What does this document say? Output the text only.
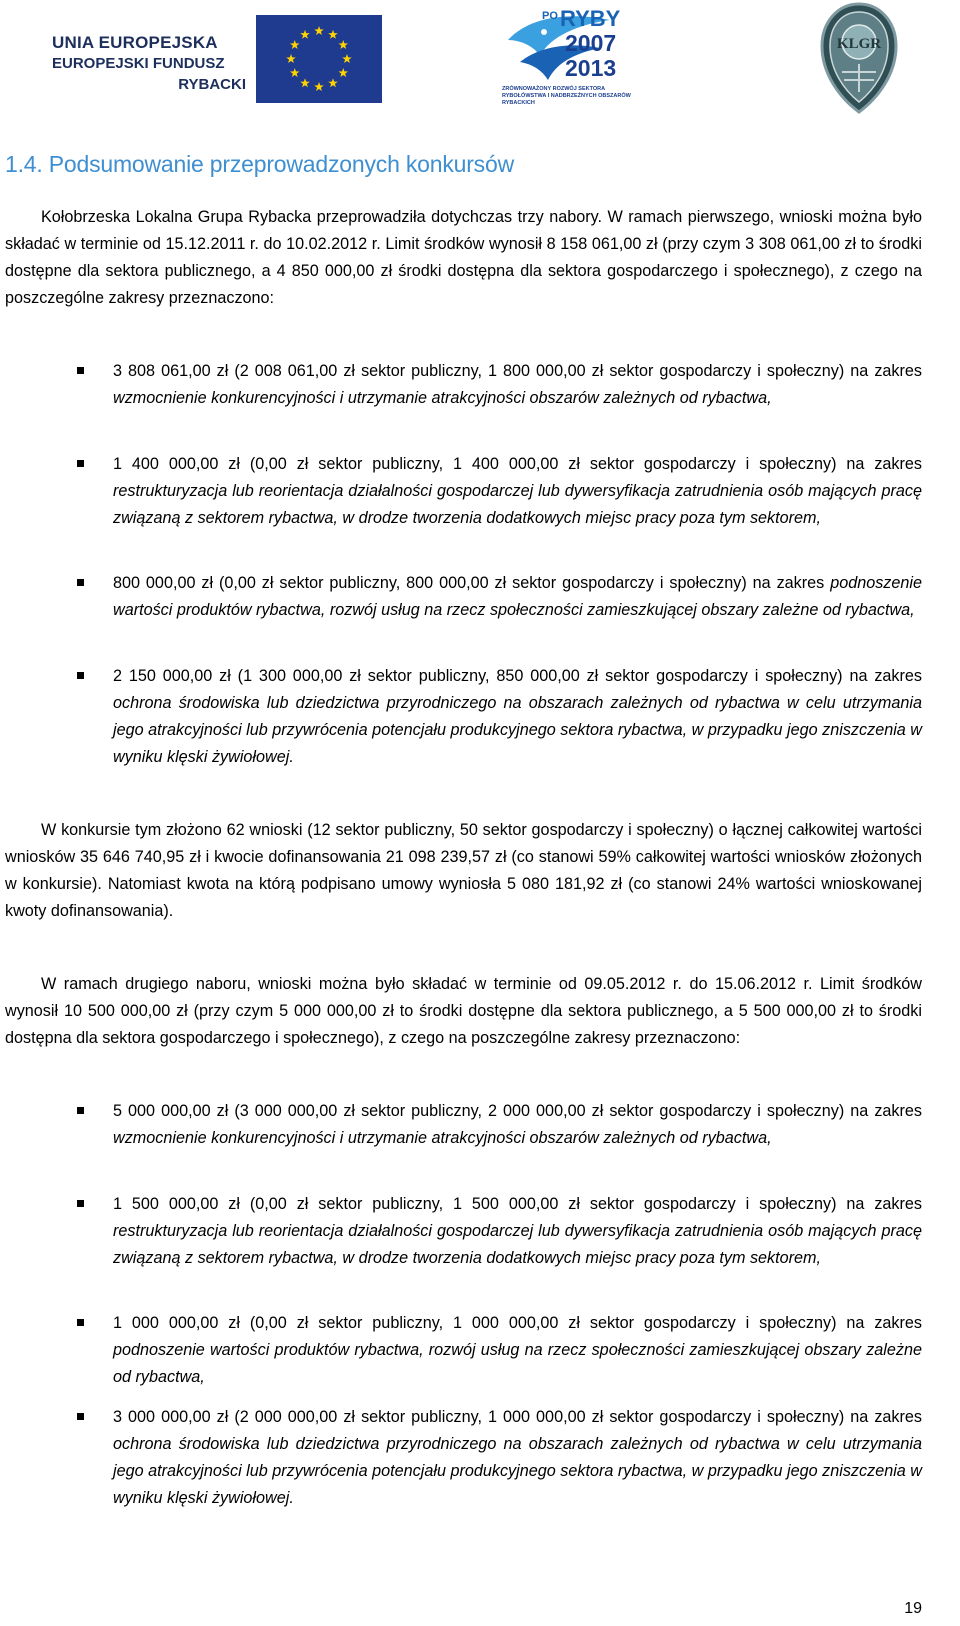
UNIA EUROPEJSKA
EUROPEJSKI FUNDUSZ
RYBACKI
PO RYBY
2007
2013
ZRÓWNOWAŻONY ROZWÓJ SEKTORA RYBOŁÓWSTWA I NADBRZEŻNYCH OBSZARÓW RYBACKICH
KLGR
1.4. Podsumowanie przeprowadzonych konkursów

Kołobrzeska Lokalna Grupa Rybacka przeprowadziła dotychczas trzy nabory. W ramach pierwszego, wnioski można było składać w terminie od 15.12.2011 r. do 10.02.2012 r. Limit środków wynosił 8 158 061,00 zł (przy czym 3 308 061,00 zł to środki dostępne dla sektora publicznego, a 4 850 000,00 zł środki dostępna dla sektora gospodarczego i społecznego), z czego na poszczególne zakresy przeznaczono:

3 808 061,00 zł (2 008 061,00 zł sektor publiczny, 1 800 000,00 zł sektor gospodarczy i społeczny) na zakres wzmocnienie konkurencyjności i utrzymanie atrakcyjności obszarów zależnych od rybactwa,

1 400 000,00 zł (0,00 zł sektor publiczny, 1 400 000,00 zł sektor gospodarczy i społeczny) na zakres restrukturyzacja lub reorientacja działalności gospodarczej lub dywersyfikacja zatrudnienia osób mających pracę związaną z sektorem rybactwa, w drodze tworzenia dodatkowych miejsc pracy poza tym sektorem,

800 000,00 zł (0,00 zł sektor publiczny, 800 000,00 zł sektor gospodarczy i społeczny) na zakres podnoszenie wartości produktów rybactwa, rozwój usług na rzecz społeczności zamieszkującej obszary zależne od rybactwa,

2 150 000,00 zł (1 300 000,00 zł sektor publiczny, 850 000,00 zł sektor gospodarczy i społeczny) na zakres ochrona środowiska lub dziedzictwa przyrodniczego na obszarach zależnych od rybactwa w celu utrzymania jego atrakcyjności lub przywrócenia potencjału produkcyjnego sektora rybactwa, w przypadku jego zniszczenia w wyniku klęski żywiołowej.

W konkursie tym złożono 62 wnioski (12 sektor publiczny, 50 sektor gospodarczy i społeczny) o łącznej całkowitej wartości wniosków 35 646 740,95 zł i kwocie dofinansowania 21 098 239,57 zł (co stanowi 59% całkowitej wartości wniosków złożonych w konkursie). Natomiast kwota na którą podpisano umowy wyniosła 5 080 181,92 zł (co stanowi 24% wartości wnioskowanej kwoty dofinansowania).

W ramach drugiego naboru, wnioski można było składać w terminie od 09.05.2012 r. do 15.06.2012 r. Limit środków wynosił 10 500 000,00 zł (przy czym 5 000 000,00 zł to środki dostępne dla sektora publicznego, a 5 500 000,00 zł to środki dostępna dla sektora gospodarczego i społecznego), z czego na poszczególne zakresy przeznaczono:

5 000 000,00 zł (3 000 000,00 zł sektor publiczny, 2 000 000,00 zł sektor gospodarczy i społeczny) na zakres wzmocnienie konkurencyjności i utrzymanie atrakcyjności obszarów zależnych od rybactwa,

1 500 000,00 zł (0,00 zł sektor publiczny, 1 500 000,00 zł sektor gospodarczy i społeczny) na zakres restrukturyzacja lub reorientacja działalności gospodarczej lub dywersyfikacja zatrudnienia osób mających pracę związaną z sektorem rybactwa, w drodze tworzenia dodatkowych miejsc pracy poza tym sektorem,

1 000 000,00 zł (0,00 zł sektor publiczny, 1 000 000,00 zł sektor gospodarczy i społeczny) na zakres podnoszenie wartości produktów rybactwa, rozwój usług na rzecz społeczności zamieszkującej obszary zależne od rybactwa,

3 000 000,00 zł (2 000 000,00 zł sektor publiczny, 1 000 000,00 zł sektor gospodarczy i społeczny) na zakres ochrona środowiska lub dziedzictwa przyrodniczego na obszarach zależnych od rybactwa w celu utrzymania jego atrakcyjności lub przywrócenia potencjału produkcyjnego sektora rybactwa, w przypadku jego zniszczenia w wyniku klęski żywiołowej.

19
